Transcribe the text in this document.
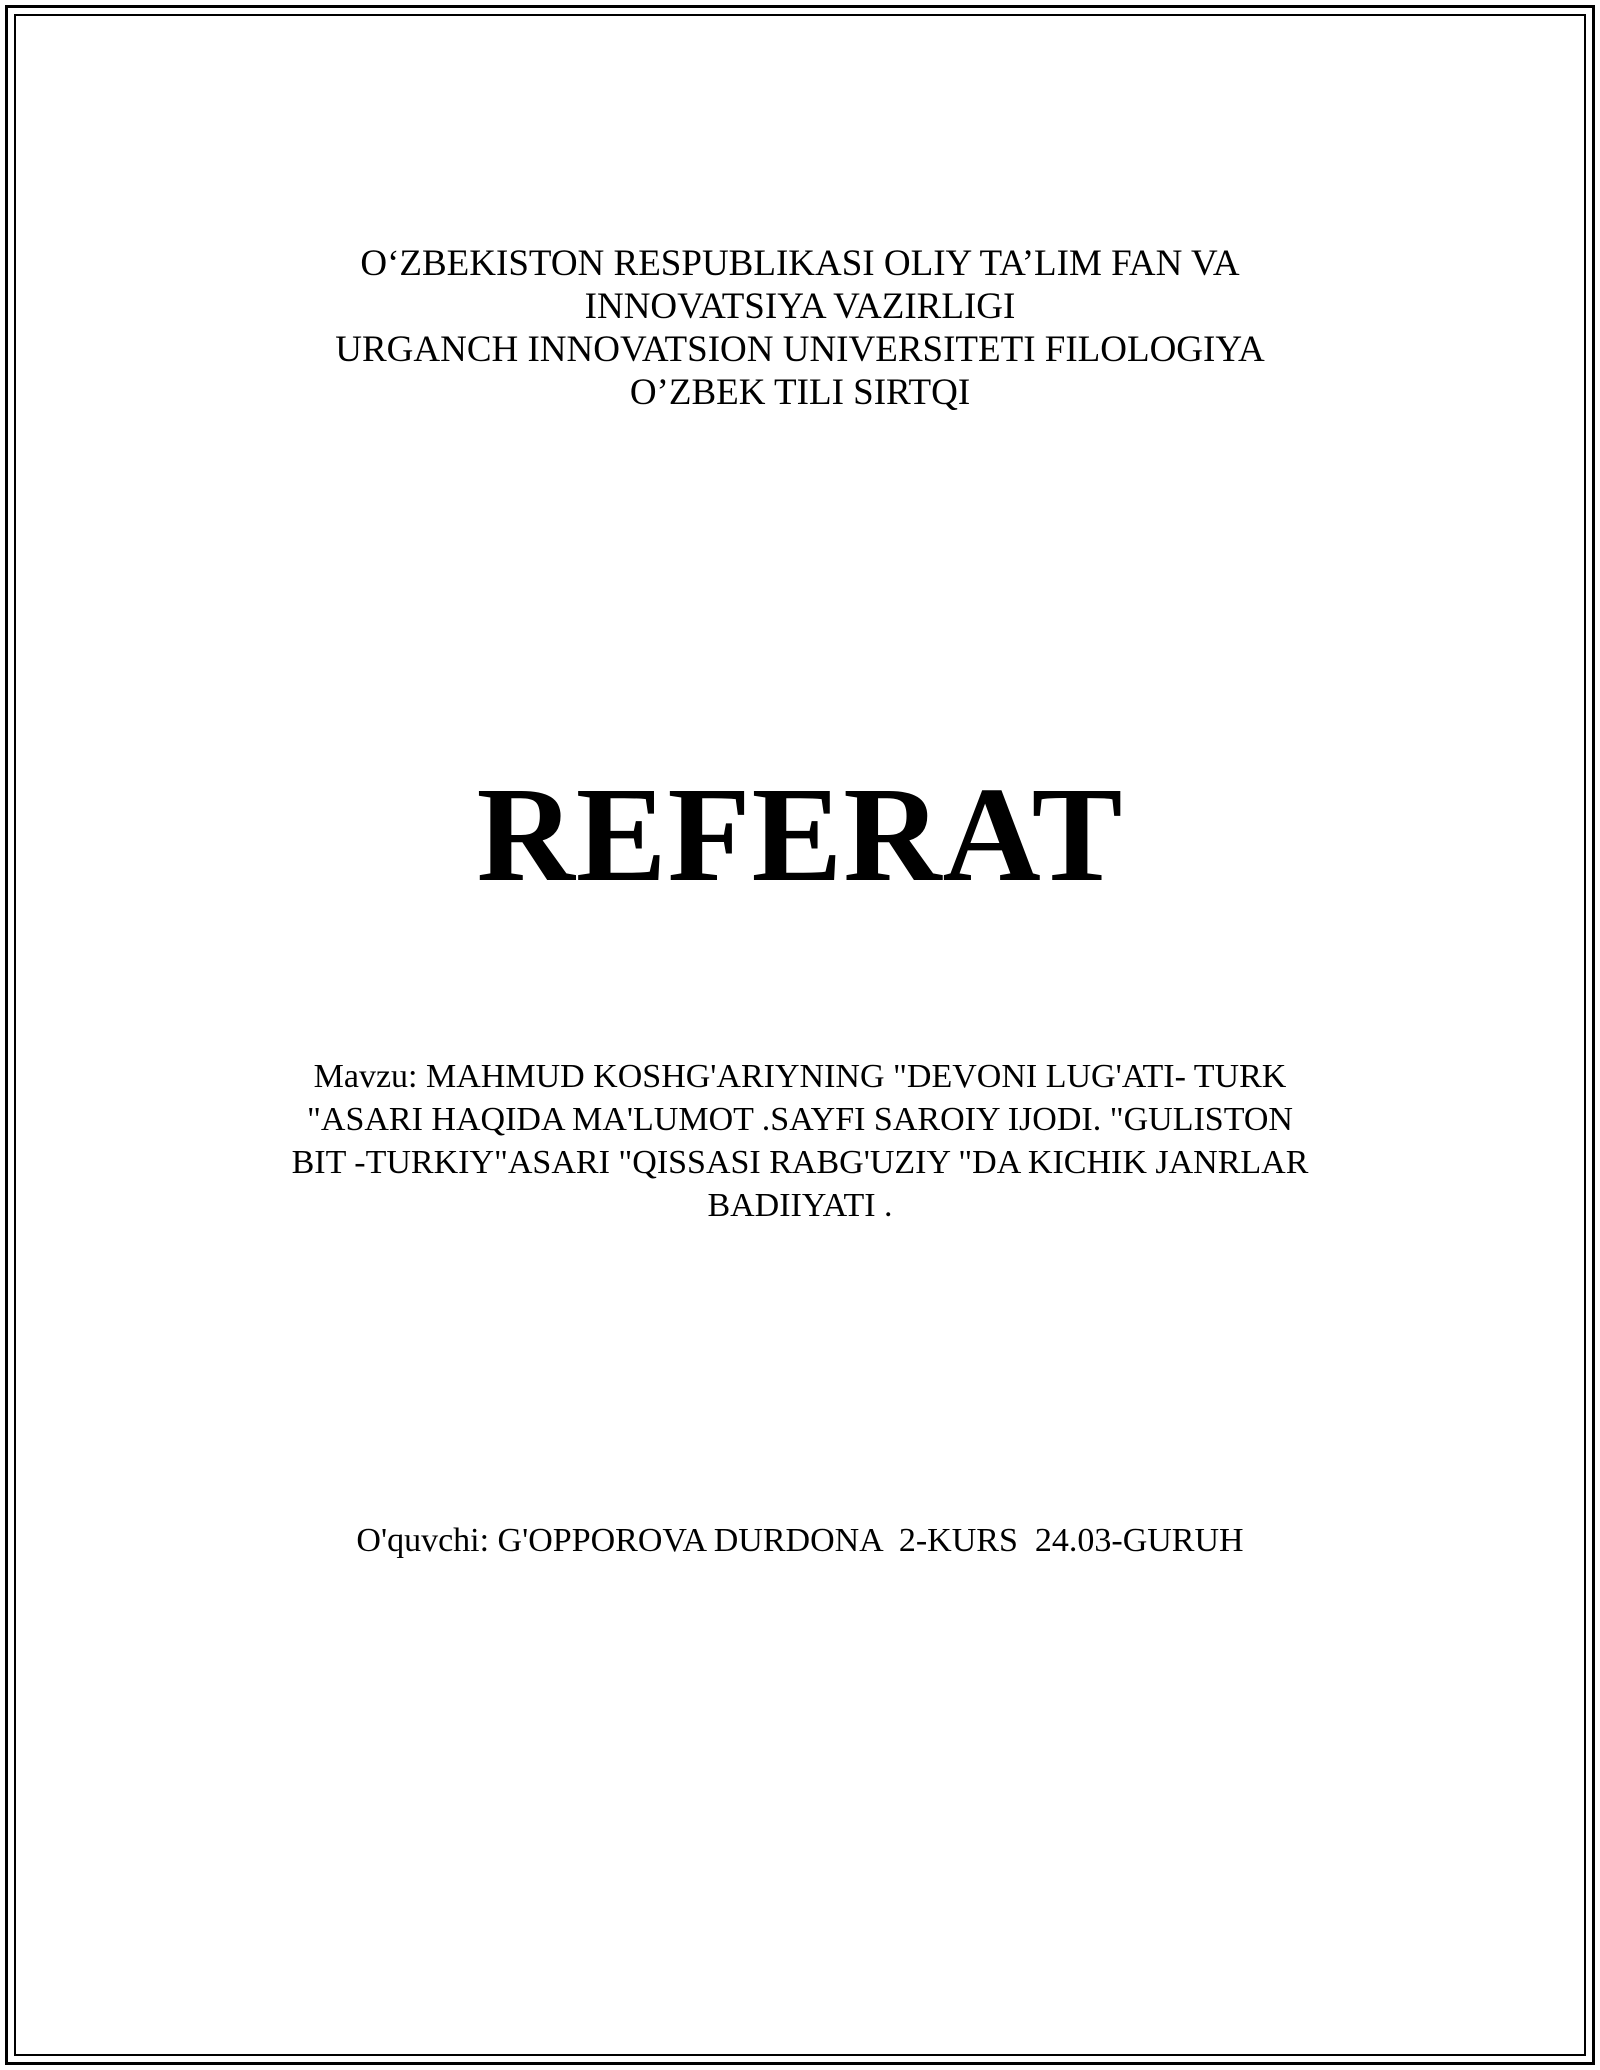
O‘ZBEKISTON RESPUBLIKASI OLIY TA’LIM FAN VA
INNOVATSIYA VAZIRLIGI
URGANCH INNOVATSION UNIVERSITETI FILOLOGIYA
O’ZBEK TILI SIRTQI
REFERAT
Mavzu: MAHMUD KOSHG'ARIYNING "DEVONI LUG'ATI- TURK
"ASARI HAQIDA MA'LUMOT .SAYFI SAROIY IJODI. "GULISTON
BIT -TURKIY"ASARI "QISSASI RABG'UZIY "DA KICHIK JANRLAR
BADIIYATI .
O'quvchi: G'OPPOROVA DURDONA  2-KURS  24.03-GURUH
